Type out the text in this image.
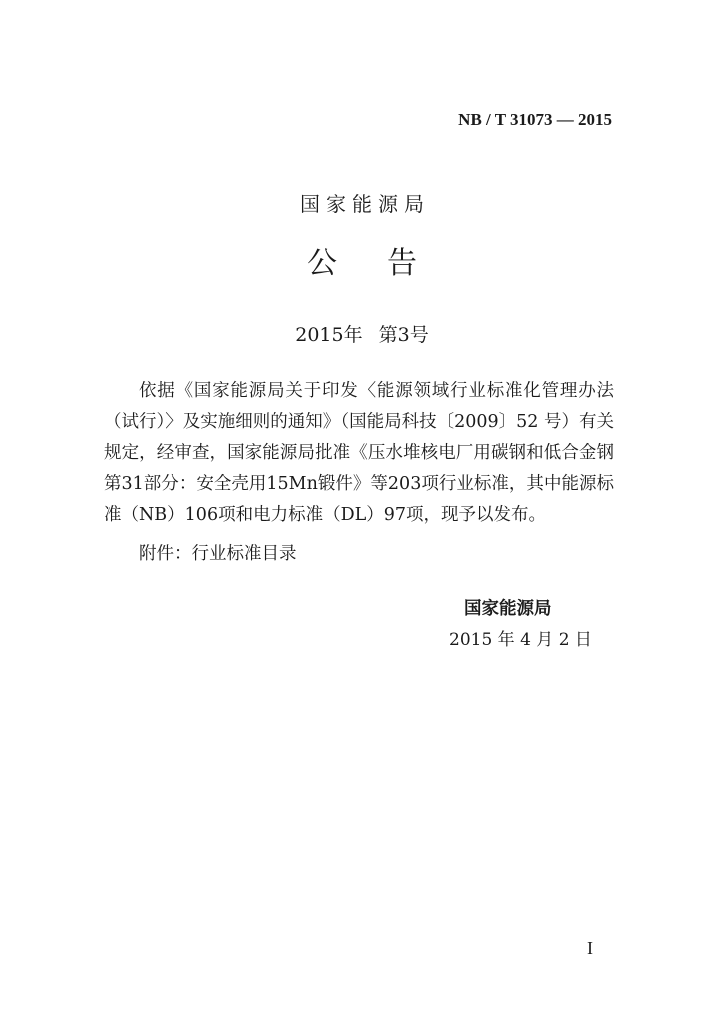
NB / T 31073 — 2015
国家能源局
公告
2015年 第3号

依据《国家能源局关于印发〈能源领域行业标准化管理办法（试行）〉及实施细则的通知》（国能局科技〔2009〕52 号）有关规定，经审查，国家能源局批准《压水堆核电厂用碳钢和低合金钢　第31部分：安全壳用15Mn锻件》等203项行业标准，其中能源标准（NB）106项和电力标准（DL）97项，现予以发布。

附件：行业标准目录
国家能源局
2015 年 4 月 2 日
I
